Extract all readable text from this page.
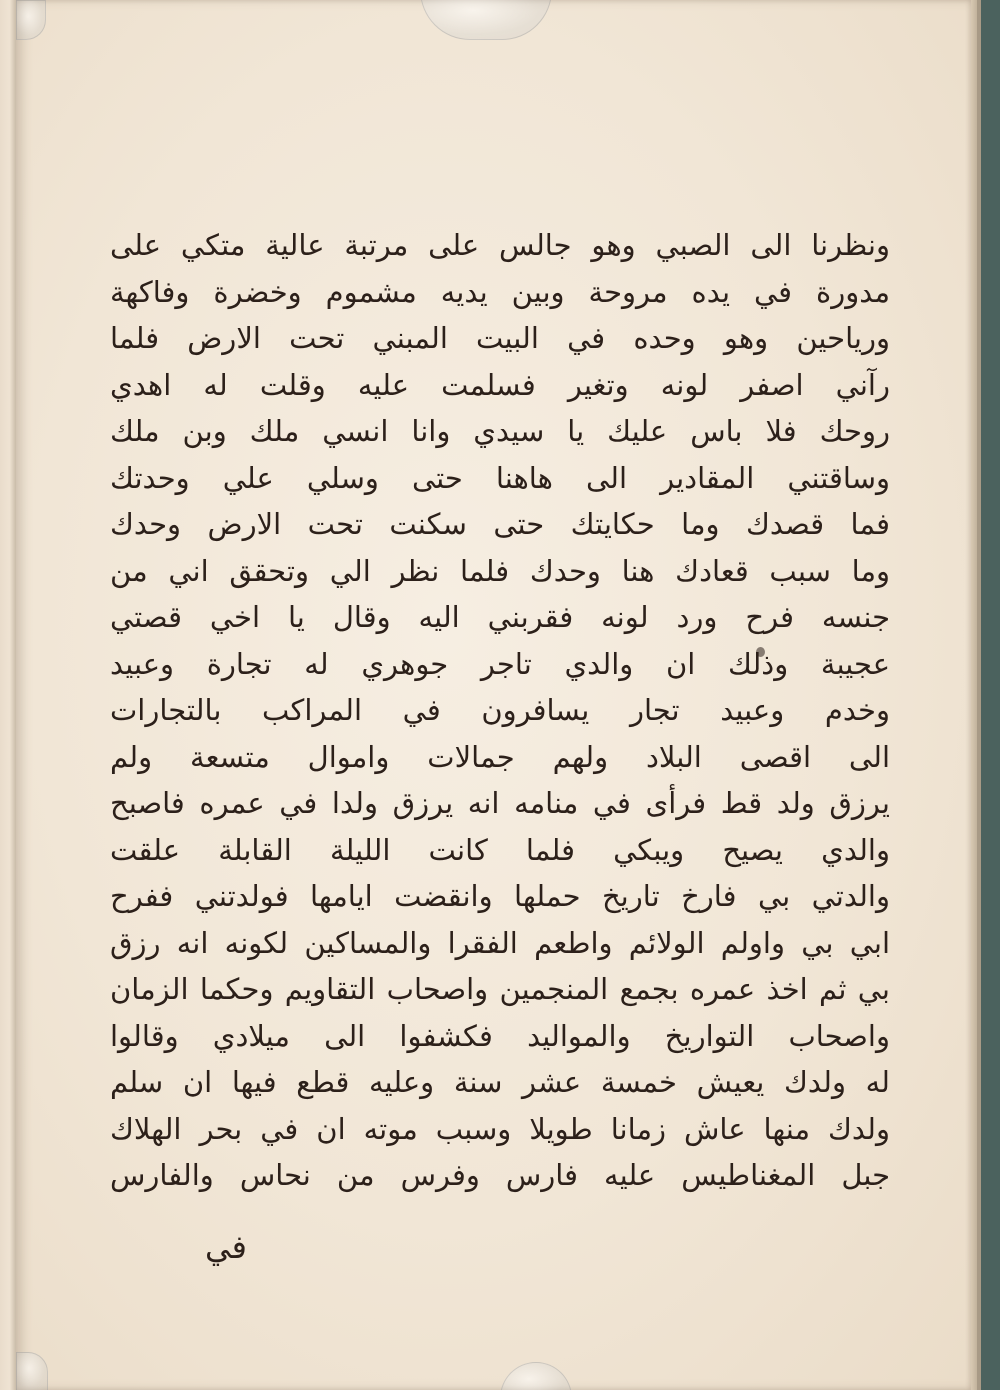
ونظرنا الى الصبي وهو جالس على مرتبة عالية متكي على
مدورة في يده مروحة وبين يديه مشموم وخضرة وفاكهة
ورياحين وهو وحده في البيت المبني تحت الارض فلما
رآني اصفر لونه وتغير فسلمت عليه وقلت له اهدي
روحك فلا باس عليك يا سيدي وانا انسي ملك وبن ملك
وساقتني المقادير الى هاهنا حتى وسلي علي وحدتك
فما قصدك وما حكايتك حتى سكنت تحت الارض وحدك
وما سبب قعادك هنا وحدك فلما نظر الي وتحقق اني من
جنسه فرح ورد لونه فقربني اليه وقال يا اخي قصتي
عجيبة وذلك ان والدي تاجر جوهري له تجارة وعبيد
وخدم وعبيد تجار يسافرون في المراكب بالتجارات
الى اقصى البلاد ولهم جمالات واموال متسعة ولم
يرزق ولد قط فرأى في منامه انه يرزق ولدا في عمره فاصبح
والدي يصيح ويبكي فلما كانت الليلة القابلة علقت
والدتي بي فارخ تاريخ حملها وانقضت ايامها فولدتني ففرح
ابي بي واولم الولائم واطعم الفقرا والمساكين لكونه انه رزق
بي ثم اخذ عمره بجمع المنجمين واصحاب التقاويم وحكما الزمان
واصحاب التواريخ والمواليد فكشفوا الى ميلادي وقالوا
له ولدك يعيش خمسة عشر سنة وعليه قطع فيها ان سلم
ولدك منها عاش زمانا طويلا وسبب موته ان في بحر الهلاك
جبل المغناطيس عليه فارس وفرس من نحاس والفارس
في
